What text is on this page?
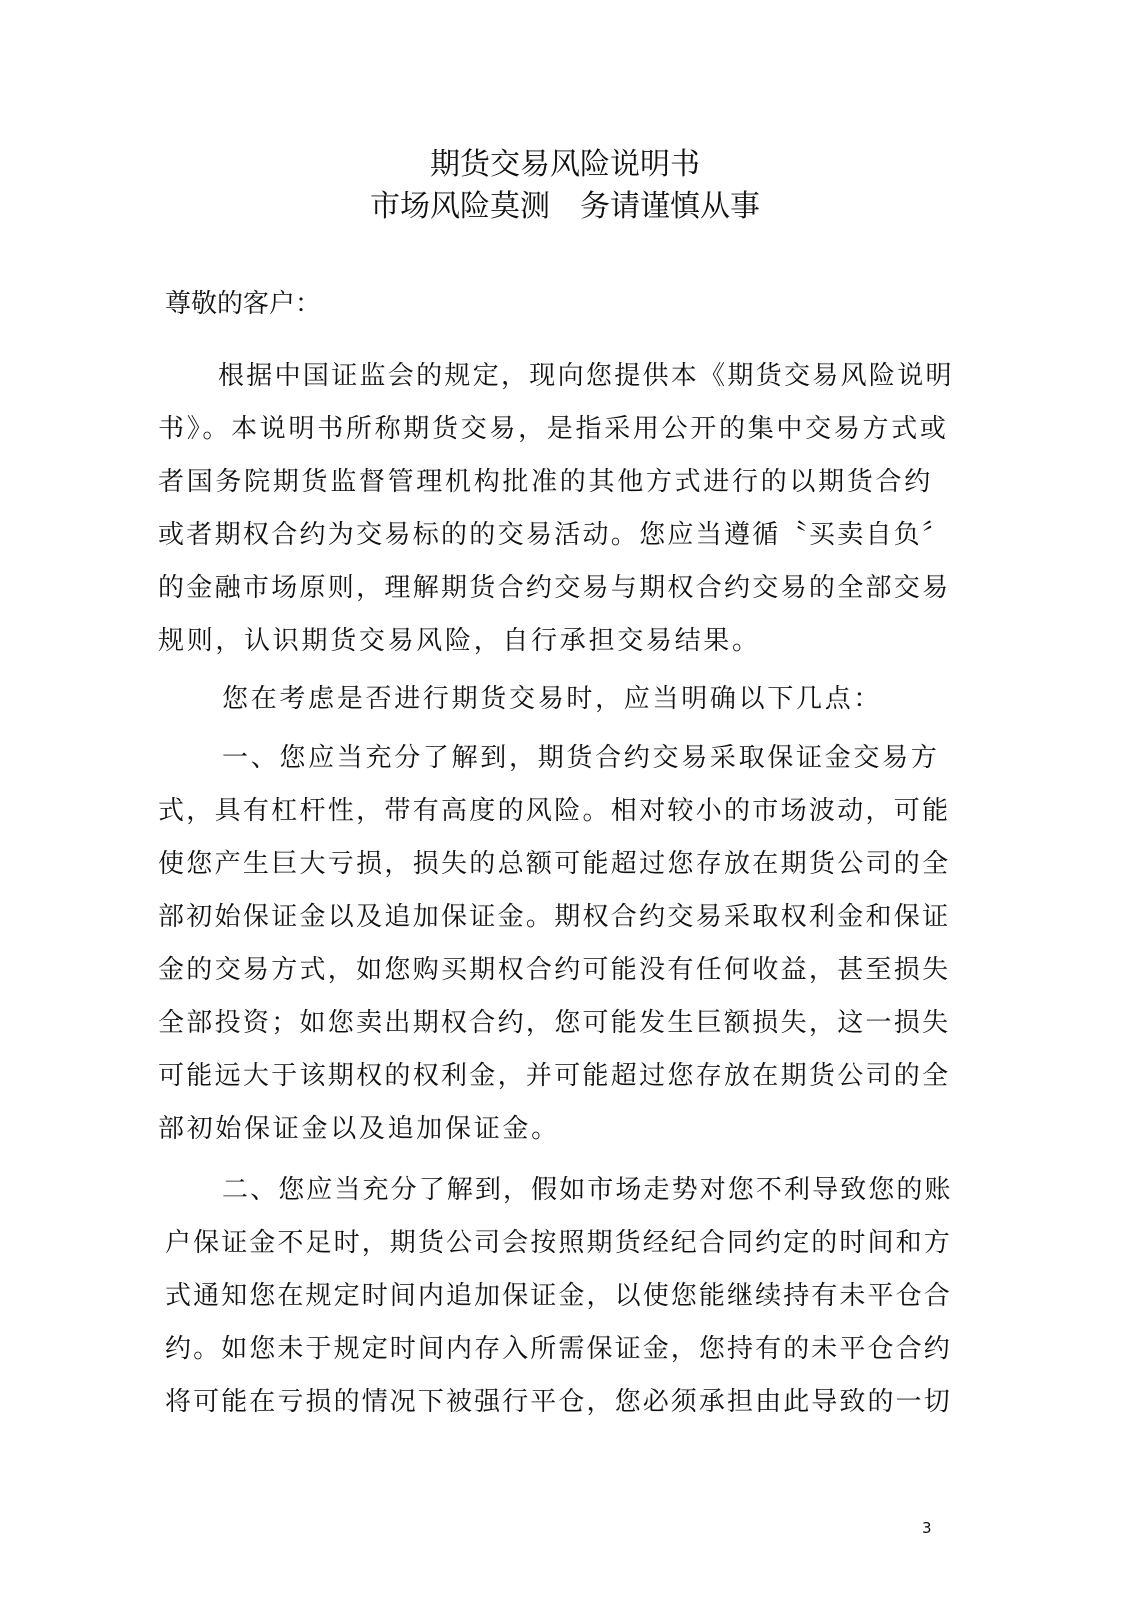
期货交易风险说明书
市场风险莫测　务请谨慎从事
尊敬的客户：
根据中国证监会的规定，现向您提供本《期货交易风险说明
书》。本说明书所称期货交易，是指采用公开的集中交易方式或
者国务院期货监督管理机构批准的其他方式进行的以期货合约
或者期权合约为交易标的的交易活动。您应当遵循〝买卖自负〞
的金融市场原则，理解期货合约交易与期权合约交易的全部交易
规则，认识期货交易风险，自行承担交易结果。
您在考虑是否进行期货交易时，应当明确以下几点：
一、您应当充分了解到，期货合约交易采取保证金交易方
式，具有杠杆性，带有高度的风险。相对较小的市场波动，可能
使您产生巨大亏损，损失的总额可能超过您存放在期货公司的全
部初始保证金以及追加保证金。期权合约交易采取权利金和保证
金的交易方式，如您购买期权合约可能没有任何收益，甚至损失
全部投资；如您卖出期权合约，您可能发生巨额损失，这一损失
可能远大于该期权的权利金，并可能超过您存放在期货公司的全
部初始保证金以及追加保证金。
二、您应当充分了解到，假如市场走势对您不利导致您的账
户保证金不足时，期货公司会按照期货经纪合同约定的时间和方
式通知您在规定时间内追加保证金，以使您能继续持有未平仓合
约。如您未于规定时间内存入所需保证金，您持有的未平仓合约
将可能在亏损的情况下被强行平仓，您必须承担由此导致的一切
3
